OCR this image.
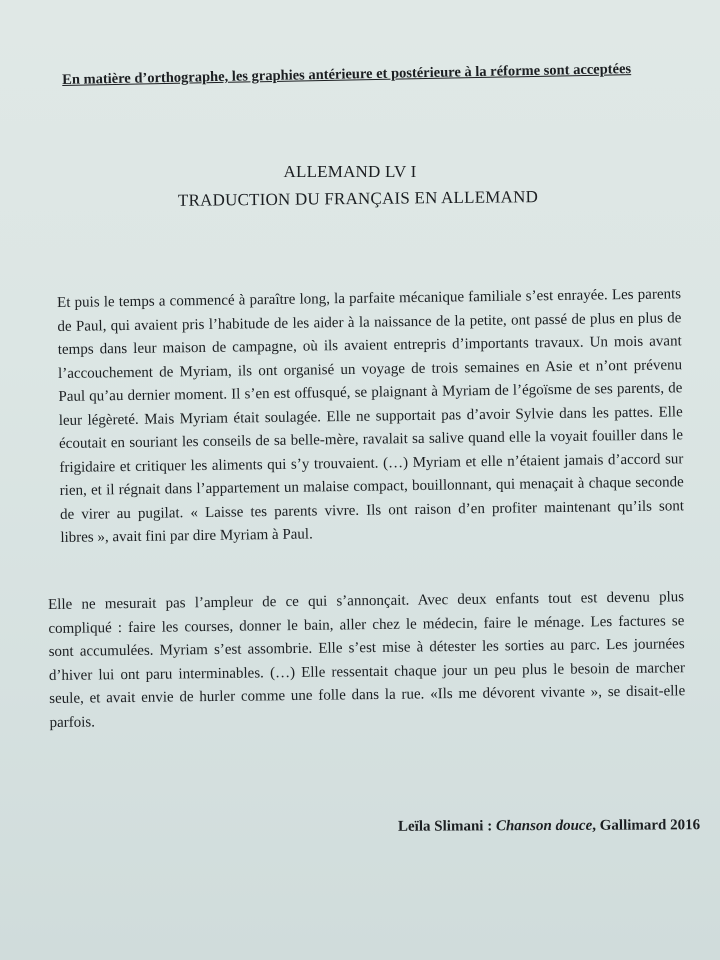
En matière d’orthographe, les graphies antérieure et postérieure à la réforme sont acceptées
ALLEMAND LV I
TRADUCTION DU FRANÇAIS EN ALLEMAND
Et puis le temps a commencé à paraître long, la parfaite mécanique familiale s’est enrayée. Les parents
de Paul, qui avaient pris l’habitude de les aider à la naissance de la petite, ont passé de plus en plus de
temps dans leur maison de campagne, où ils avaient entrepris d’importants travaux. Un mois avant
l’accouchement de Myriam, ils ont organisé un voyage de trois semaines en Asie et n’ont prévenu
Paul qu’au dernier moment. Il s’en est offusqué, se plaignant à Myriam de l’égoïsme de ses parents, de
leur légèreté. Mais Myriam était soulagée. Elle ne supportait pas d’avoir Sylvie dans les pattes. Elle
écoutait en souriant les conseils de sa belle-mère, ravalait sa salive quand elle la voyait fouiller dans le
frigidaire et critiquer les aliments qui s’y trouvaient. (…) Myriam et elle n’étaient jamais d’accord sur
rien, et il régnait dans l’appartement un malaise compact, bouillonnant, qui menaçait à chaque seconde
de virer au pugilat. « Laisse tes parents vivre. Ils ont raison d’en profiter maintenant qu’ils sont
libres », avait fini par dire Myriam à Paul.
Elle ne mesurait pas l’ampleur de ce qui s’annonçait. Avec deux enfants tout est devenu plus
compliqué : faire les courses, donner le bain, aller chez le médecin, faire le ménage. Les factures se
sont accumulées. Myriam s’est assombrie. Elle s’est mise à détester les sorties au parc. Les journées
d’hiver lui ont paru interminables. (…) Elle ressentait chaque jour un peu plus le besoin de marcher
seule, et avait envie de hurler comme une folle dans la rue. «Ils me dévorent vivante », se disait-elle
parfois.
Leïla Slimani : Chanson douce, Gallimard 2016
